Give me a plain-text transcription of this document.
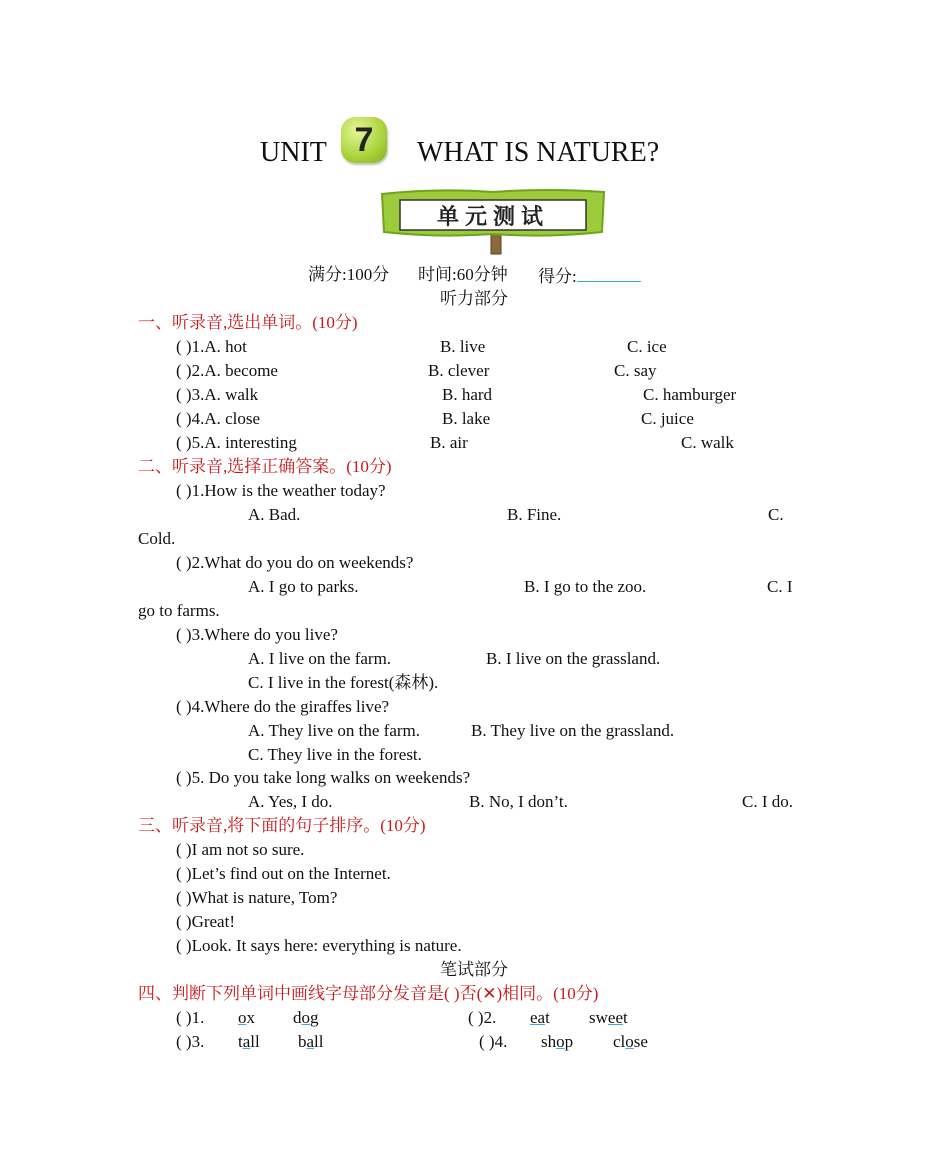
UNIT 7	WHAT IS NATURE?
单元测试
满分:100分 时间:60分钟 得分:
听力部分
一、听录音,选出单词。(10分)
( )1.A. hot	B. live	C. ice
( )2.A. become	B. clever	C. say
( )3.A. walk	B. hard	C. hamburger
( )4.A. close	B. lake	C. juice
( )5.A. interesting	B. air	C. walk
二、听录音,选择正确答案。(10分)
( )1.How is the weather today?
A. Bad.	B. Fine.	C.
Cold.
( )2.What do you do on weekends?
A. I go to parks.	B. I go to the zoo.	C. I
go to farms.
( )3.Where do you live?
A. I live on the farm.	B. I live on the grassland.
C. I live in the forest(森林).
( )4.Where do the giraffes live?
A. They live on the farm.	B. They live on the grassland.
C. They live in the forest.
( )5. Do you take long walks on weekends?
A. Yes, I do.	B. No, I don’t.	C. I do.
三、听录音,将下面的句子排序。(10分)
( )I am not so sure.
( )Let’s find out on the Internet.
( )What is nature, Tom?
( )Great!
( )Look. It says here: everything is nature.
笔试部分
四、判断下列单词中画线字母部分发音是( )否(✕)相同。(10分)
( )1. ox dog	( )2. eat sweet
( )3. tall ball	( )4. shop close
